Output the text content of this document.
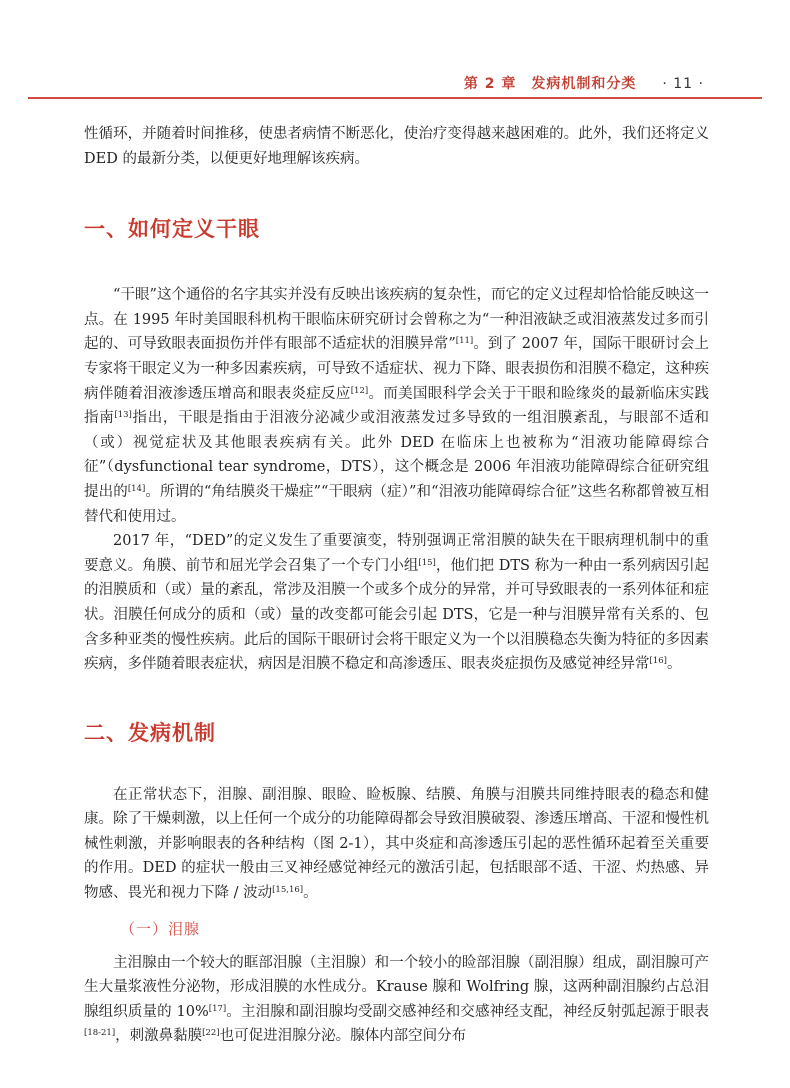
第 2 章　发病机制和分类 · 11 ·

性循环，并随着时间推移，使患者病情不断恶化，使治疗变得越来越困难的。此外，我们还将定义 DED 的最新分类，以便更好地理解该疾病。

一、如何定义干眼

“干眼”这个通俗的名字其实并没有反映出该疾病的复杂性，而它的定义过程却恰恰能反映这一点。在 1995 年时美国眼科机构干眼临床研究研讨会曾称之为“一种泪液缺乏或泪液蒸发过多而引起的、可导致眼表面损伤并伴有眼部不适症状的泪膜异常”[11]。到了 2007 年，国际干眼研讨会上专家将干眼定义为一种多因素疾病，可导致不适症状、视力下降、眼表损伤和泪膜不稳定，这种疾病伴随着泪液渗透压增高和眼表炎症反应[12]。而美国眼科学会关于干眼和睑缘炎的最新临床实践指南[13]指出，干眼是指由于泪液分泌减少或泪液蒸发过多导致的一组泪膜紊乱，与眼部不适和（或）视觉症状及其他眼表疾病有关。此外 DED 在临床上也被称为“泪液功能障碍综合征”（dysfunctional tear syndrome，DTS），这个概念是 2006 年泪液功能障碍综合征研究组提出的[14]。所谓的“角结膜炎干燥症”“干眼病（症）”和“泪液功能障碍综合征”这些名称都曾被互相替代和使用过。

2017 年，“DED”的定义发生了重要演变，特别强调正常泪膜的缺失在干眼病理机制中的重要意义。角膜、前节和屈光学会召集了一个专门小组[15]，他们把 DTS 称为一种由一系列病因引起的泪膜质和（或）量的紊乱，常涉及泪膜一个或多个成分的异常，并可导致眼表的一系列体征和症状。泪膜任何成分的质和（或）量的改变都可能会引起 DTS，它是一种与泪膜异常有关系的、包含多种亚类的慢性疾病。此后的国际干眼研讨会将干眼定义为一个以泪膜稳态失衡为特征的多因素疾病，多伴随着眼表症状，病因是泪膜不稳定和高渗透压、眼表炎症损伤及感觉神经异常[16]。

二、发病机制

在正常状态下，泪腺、副泪腺、眼睑、睑板腺、结膜、角膜与泪膜共同维持眼表的稳态和健康。除了干燥刺激，以上任何一个成分的功能障碍都会导致泪膜破裂、渗透压增高、干涩和慢性机械性刺激，并影响眼表的各种结构（图 2-1），其中炎症和高渗透压引起的恶性循环起着至关重要的作用。DED 的症状一般由三叉神经感觉神经元的激活引起，包括眼部不适、干涩、灼热感、异物感、畏光和视力下降 / 波动[15,16]。

（一）泪腺

主泪腺由一个较大的眶部泪腺（主泪腺）和一个较小的睑部泪腺（副泪腺）组成，副泪腺可产生大量浆液性分泌物，形成泪膜的水性成分。Krause 腺和 Wolfring 腺，这两种副泪腺约占总泪腺组织质量的 10%[17]。主泪腺和副泪腺均受副交感神经和交感神经支配，神经反射弧起源于眼表[18-21]，刺激鼻黏膜[22]也可促进泪腺分泌。腺体内部空间分布
